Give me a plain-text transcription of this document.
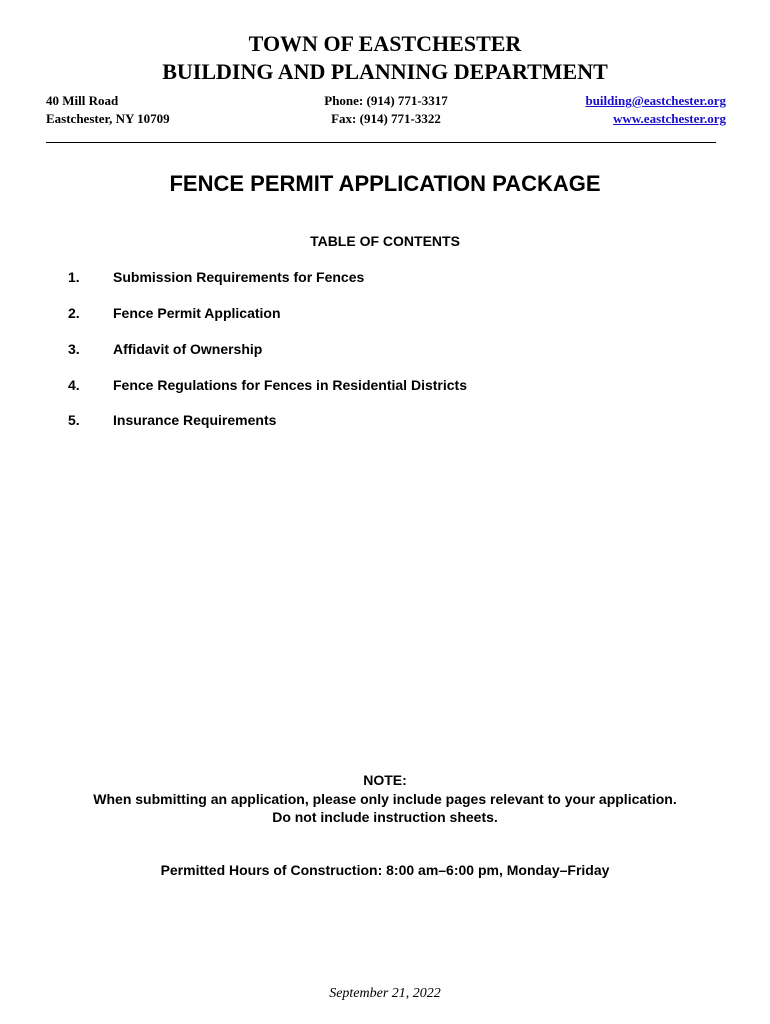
TOWN OF EASTCHESTER
BUILDING AND PLANNING DEPARTMENT
40 Mill Road
Eastchester, NY 10709
Phone: (914) 771-3317
Fax: (914) 771-3322
building@eastchester.org
www.eastchester.org
FENCE PERMIT APPLICATION PACKAGE
TABLE OF CONTENTS
1. Submission Requirements for Fences
2. Fence Permit Application
3. Affidavit of Ownership
4. Fence Regulations for Fences in Residential Districts
5. Insurance Requirements
NOTE:
When submitting an application, please only include pages relevant to your application.
Do not include instruction sheets.
Permitted Hours of Construction: 8:00 am–6:00 pm, Monday–Friday
September 21, 2022
